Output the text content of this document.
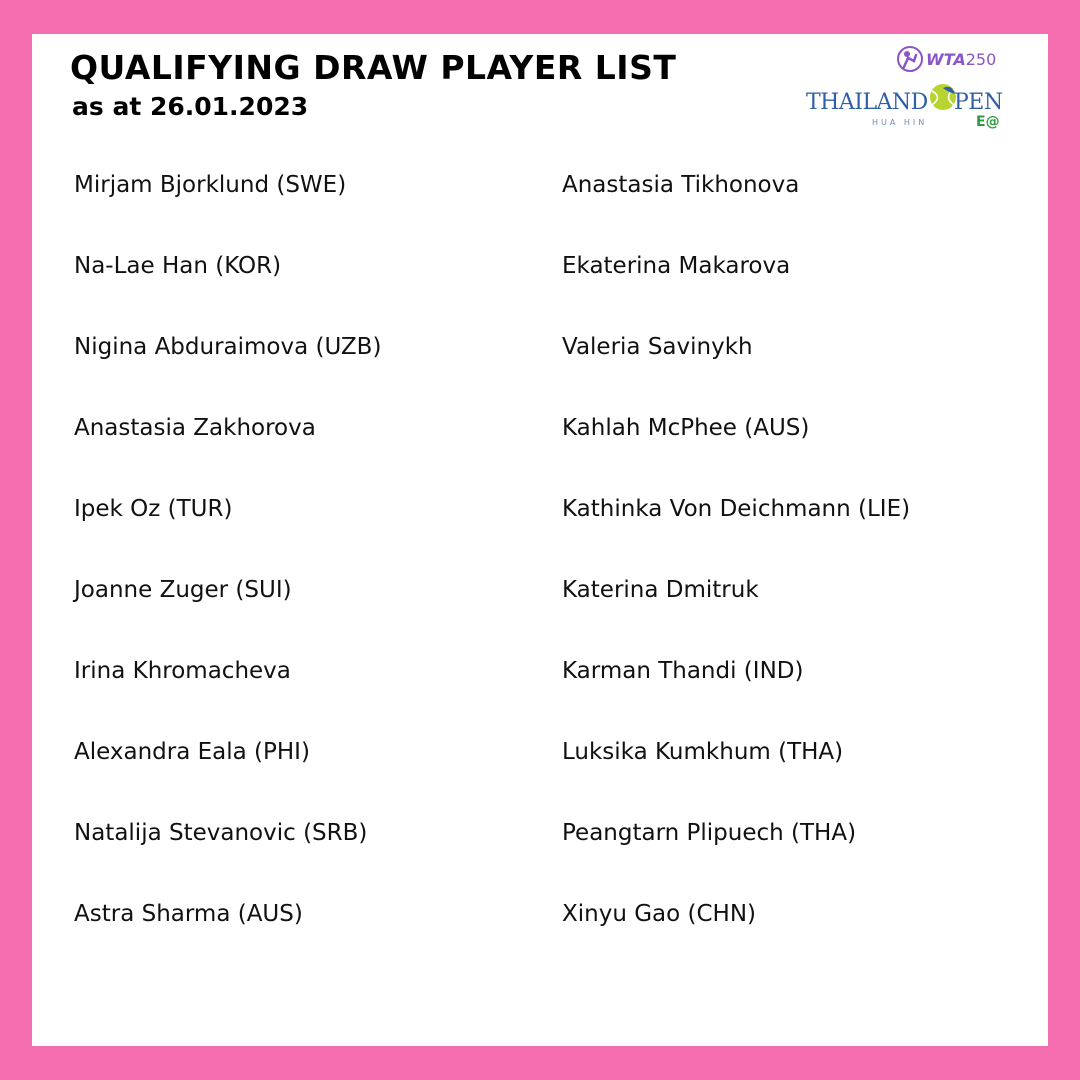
QUALIFYING DRAW PLAYER LIST
as at 26.01.2023
WTA250
THAILAND PEN
HUA HIN	E@
Mirjam Bjorklund (SWE)
Na-Lae Han (KOR)
Nigina Abduraimova (UZB)
Anastasia Zakhorova
Ipek Oz (TUR)
Joanne Zuger (SUI)
Irina Khromacheva
Alexandra Eala (PHI)
Natalija Stevanovic (SRB)
Astra Sharma (AUS)
Anastasia Tikhonova
Ekaterina Makarova
Valeria Savinykh
Kahlah McPhee (AUS)
Kathinka Von Deichmann (LIE)
Katerina Dmitruk
Karman Thandi (IND)
Luksika Kumkhum (THA)
Peangtarn Plipuech (THA)
Xinyu Gao (CHN)
